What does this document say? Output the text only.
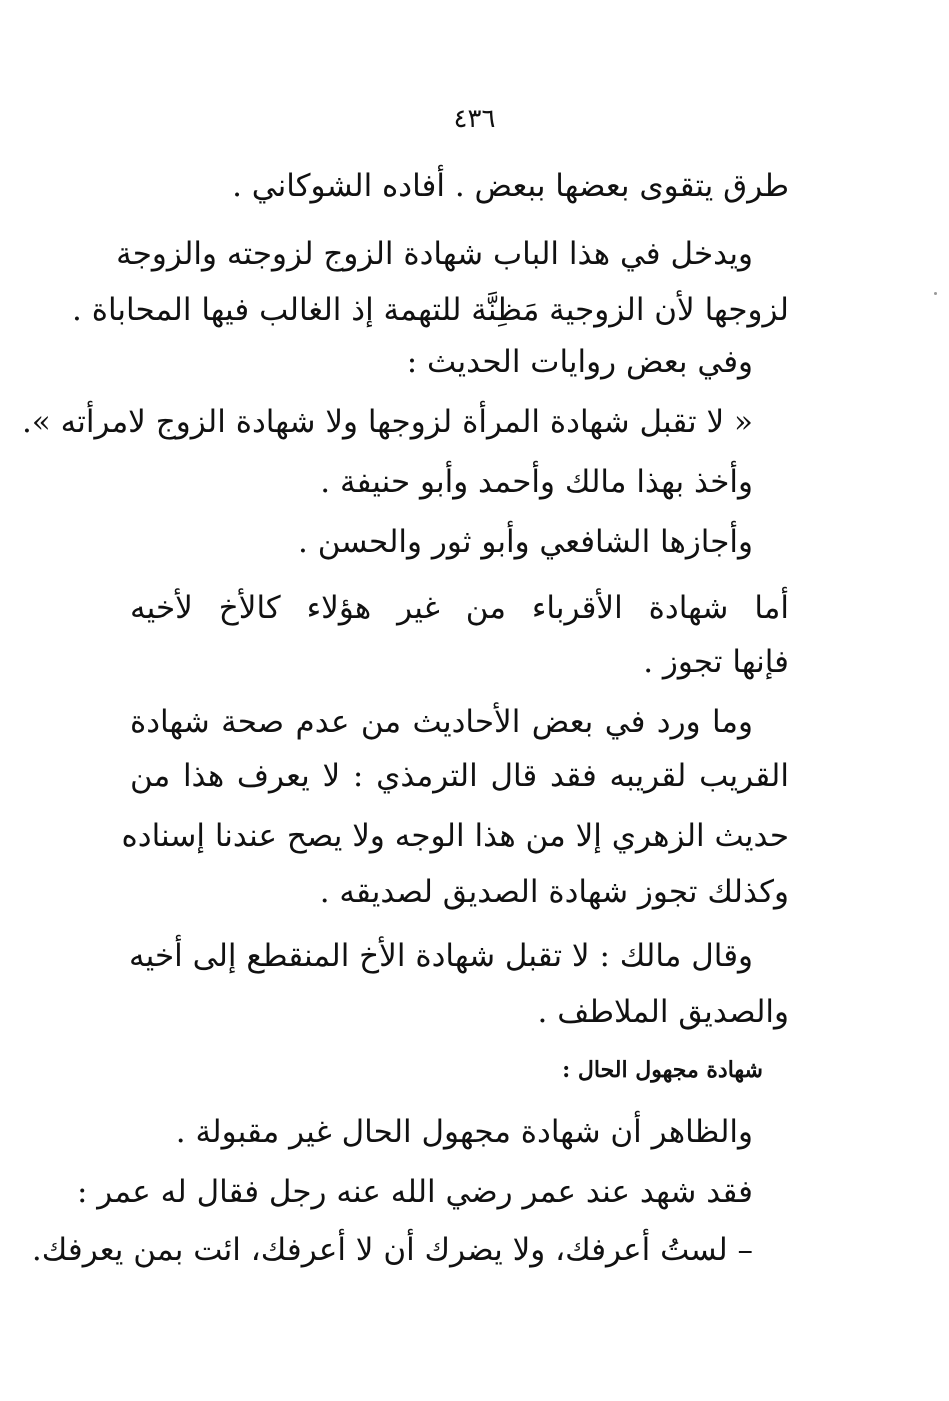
٤٣٦
طرق يتقوى بعضها ببعض . أفاده الشوكاني .
ويدخل في هذا الباب شهادة الزوج لزوجته والزوجة
لزوجها لأن الزوجية مَظِنَّة للتهمة إذ الغالب فيها المحاباة .
وفي بعض روايات الحديث :
« لا تقبل شهادة المرأة لزوجها ولا شهادة الزوج لامرأته ».
وأخذ بهذا مالك وأحمد وأبو حنيفة .
وأجازها الشافعي وأبو ثور والحسن .
أما شهادة الأقرباء من غير هؤلاء كالأخ لأخيه
فإنها تجوز .
وما ورد في بعض الأحاديث من عدم صحة شهادة
القريب لقريبه فقد قال الترمذي : لا يعرف هذا من
حديث الزهري إلا من هذا الوجه ولا يصح عندنا إسناده
وكذلك تجوز شهادة الصديق لصديقه .
وقال مالك : لا تقبل شهادة الأخ المنقطع إلى أخيه
والصديق الملاطف .
شهادة مجهول الحال :
والظاهر أن شهادة مجهول الحال غير مقبولة .
فقد شهد عند عمر رضي الله عنه رجل فقال له عمر :
– لستُ أعرفك، ولا يضرك أن لا أعرفك، ائت بمن يعرفك.
